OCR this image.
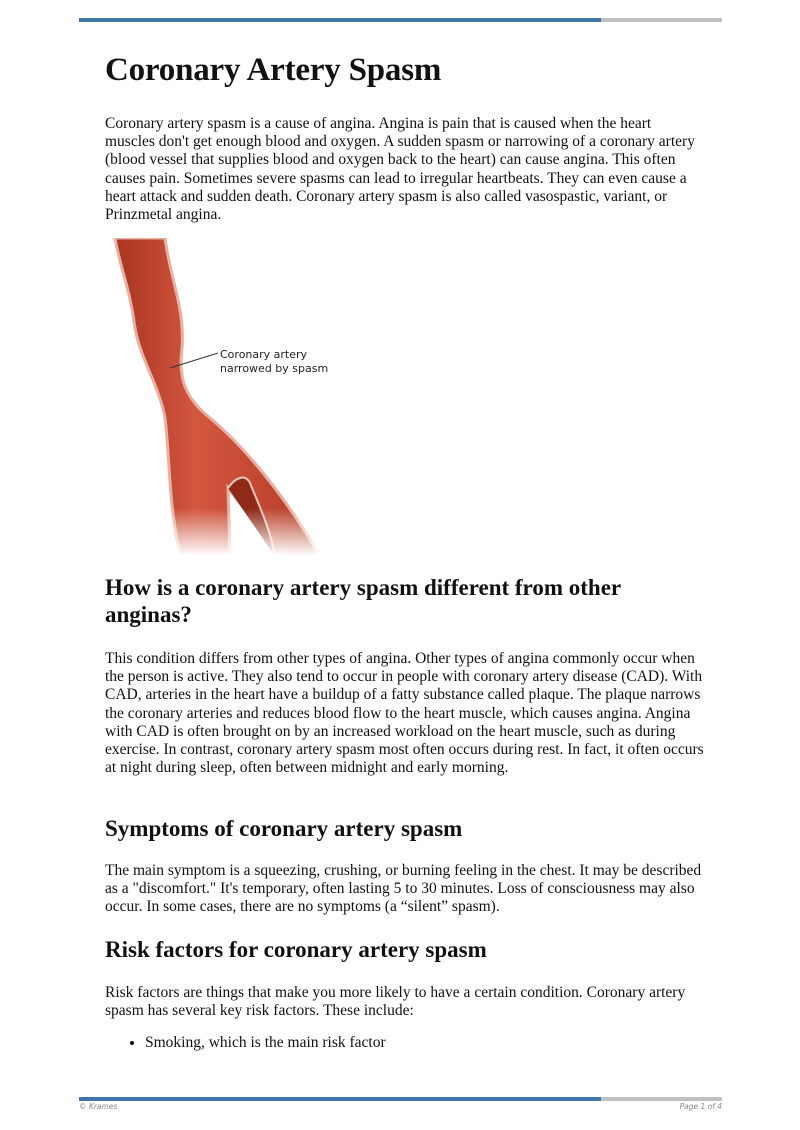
Coronary Artery Spasm

Coronary artery spasm is a cause of angina. Angina is pain that is caused when the heart muscles don't get enough blood and oxygen. A sudden spasm or narrowing of a coronary artery (blood vessel that supplies blood and oxygen back to the heart) can cause angina. This often causes pain. Sometimes severe spasms can lead to irregular heartbeats. They can even cause a heart attack and sudden death. Coronary artery spasm is also called vasospastic, variant, or Prinzmetal angina.

Coronary artery narrowed by spasm
How is a coronary artery spasm different from other anginas?

This condition differs from other types of angina. Other types of angina commonly occur when the person is active. They also tend to occur in people with coronary artery disease (CAD). With CAD, arteries in the heart have a buildup of a fatty substance called plaque. The plaque narrows the coronary arteries and reduces blood flow to the heart muscle, which causes angina. Angina with CAD is often brought on by an increased workload on the heart muscle, such as during exercise. In contrast, coronary artery spasm most often occurs during rest. In fact, it often occurs at night during sleep, often between midnight and early morning.

Symptoms of coronary artery spasm

The main symptom is a squeezing, crushing, or burning feeling in the chest. It may be described as a "discomfort." It's temporary, often lasting 5 to 30 minutes. Loss of consciousness may also occur. In some cases, there are no symptoms (a “silent” spasm).

Risk factors for coronary artery spasm

Risk factors are things that make you more likely to have a certain condition. Coronary artery spasm has several key risk factors. These include:

• Smoking, which is the main risk factor
© Krames	Page 1 of 4
